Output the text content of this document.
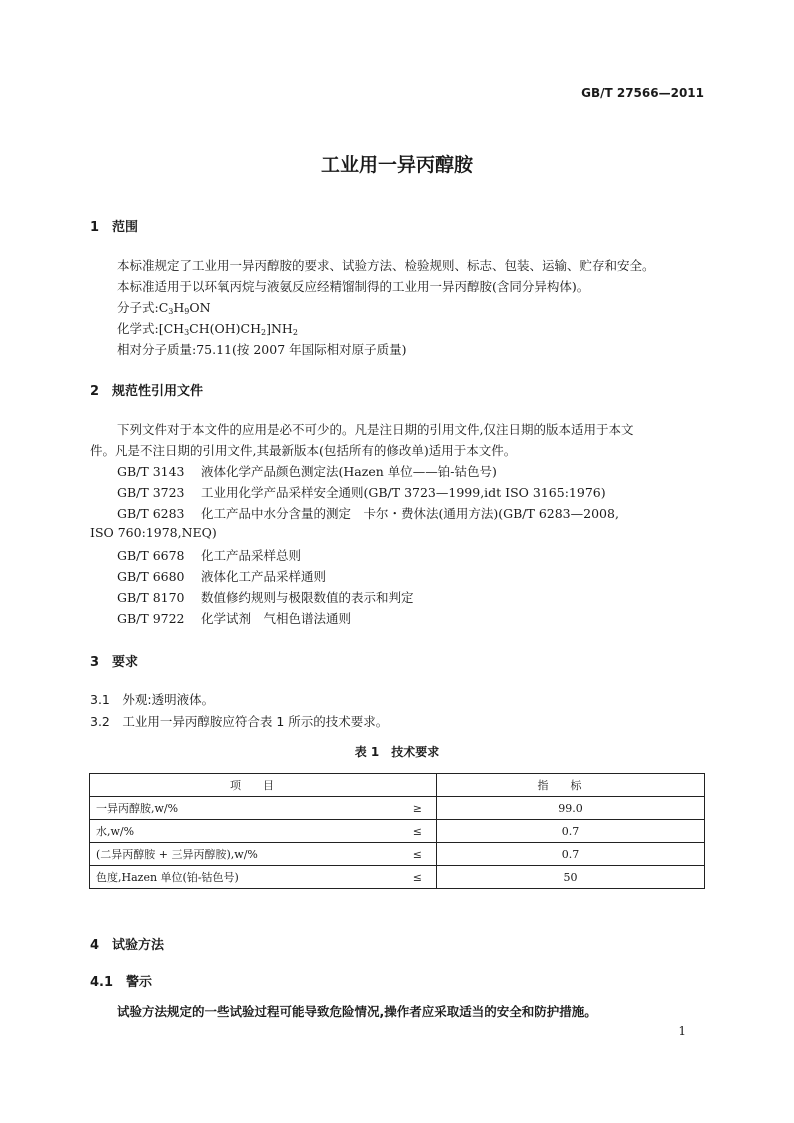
GB/T 27566—2011
工业用一异丙醇胺
1 范围
本标准规定了工业用一异丙醇胺的要求、试验方法、检验规则、标志、包装、运输、贮存和安全。
本标准适用于以环氧丙烷与液氨反应经精馏制得的工业用一异丙醇胺(含同分异构体)。
分子式$:C_3H_9ON$
化学式$:[CH_3CH(OH)CH_2]NH_2$
相对分子质量:75.11(按 2007 年国际相对原子质量)
2 规范性引用文件
下列文件对于本文件的应用是必不可少的。凡是注日期的引用文件,仅注日期的版本适用于本文
件。凡是不注日期的引用文件,其最新版本(包括所有的修改单)适用于本文件。
GB/T 3143 液体化学产品颜色测定法(Hazen 单位——铂-钴色号)
GB/T 3723 工业用化学产品采样安全通则(GB/T 3723—1999,idt ISO 3165:1976)
GB/T 6283 化工产品中水分含量的测定　卡尔・费休法(通用方法)(GB/T 6283—2008,
ISO 760:1978,NEQ)
GB/T 6678 化工产品采样总则
GB/T 6680 液体化工产品采样通则
GB/T 8170 数值修约规则与极限数值的表示和判定
GB/T 9722 化学试剂　气相色谱法通则
3 要求
3.1　外观:透明液体。
3.2　工业用一异丙醇胺应符合表 1 所示的技术要求。
表 1　技术要求
项目		指标
一异丙醇胺,w/%	≥	99.0
水,w/%	≤	0.7
(二异丙醇胺 + 三异丙醇胺),w/%	≤	0.7
色度,Hazen 单位(铂-钴色号)	≤	50
4 试验方法
4.1　警示
试验方法规定的一些试验过程可能导致危险情况,操作者应采取适当的安全和防护措施。
1
